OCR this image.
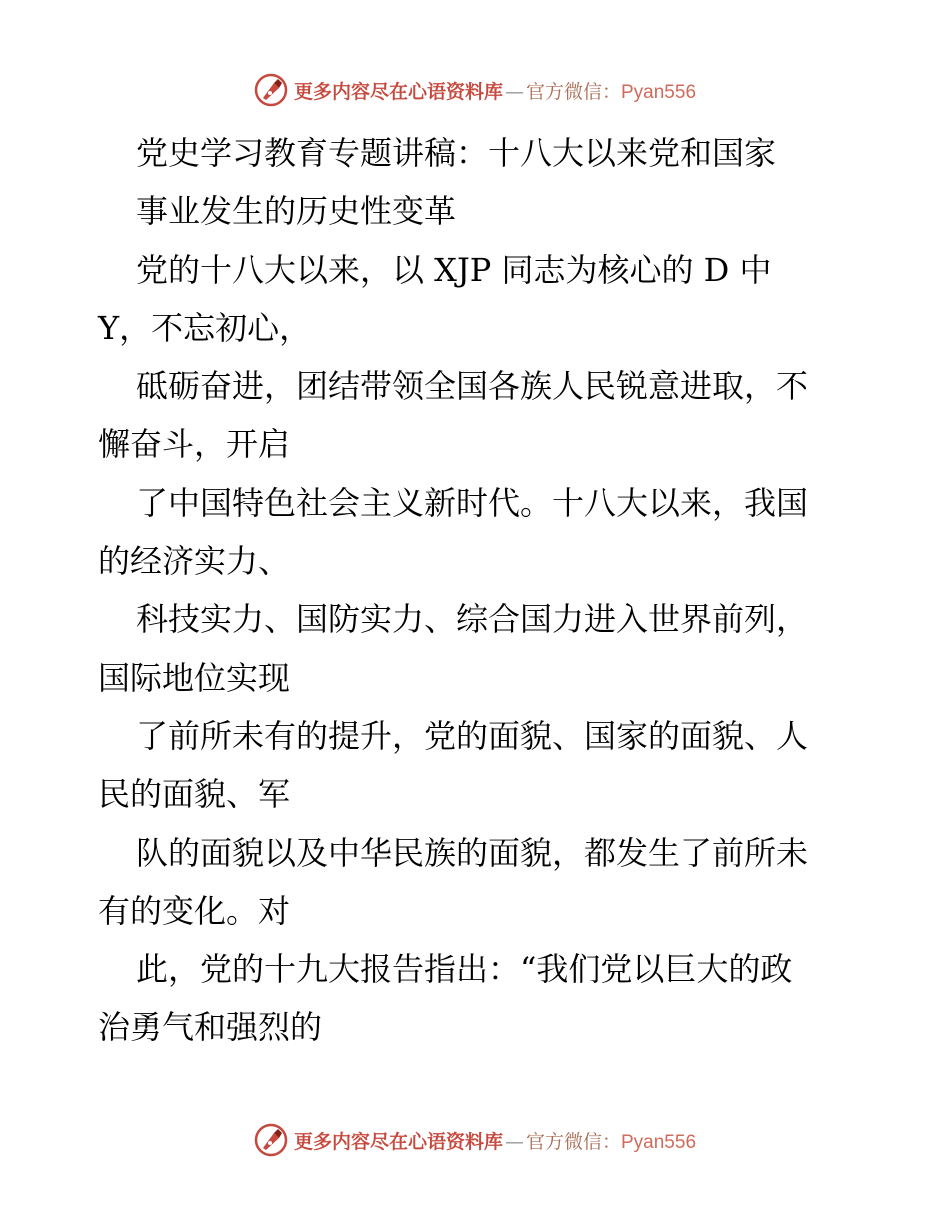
更多内容尽在心语资料库 — 官方微信：Pyan556

党史学习教育专题讲稿：十八大以来党和国家

事业发生的历史性变革

党的十八大以来，以 XJP 同志为核心的 D 中

Y，不忘初心，

砥砺奋进，团结带领全国各族人民锐意进取，不

懈奋斗，开启

了中国特色社会主义新时代。十八大以来，我国

的经济实力、

科技实力、国防实力、综合国力进入世界前列，

国际地位实现

了前所未有的提升，党的面貌、国家的面貌、人

民的面貌、军

队的面貌以及中华民族的面貌，都发生了前所未

有的变化。对

此，党的十九大报告指出：“我们党以巨大的政

治勇气和强烈的

更多内容尽在心语资料库 — 官方微信：Pyan556
